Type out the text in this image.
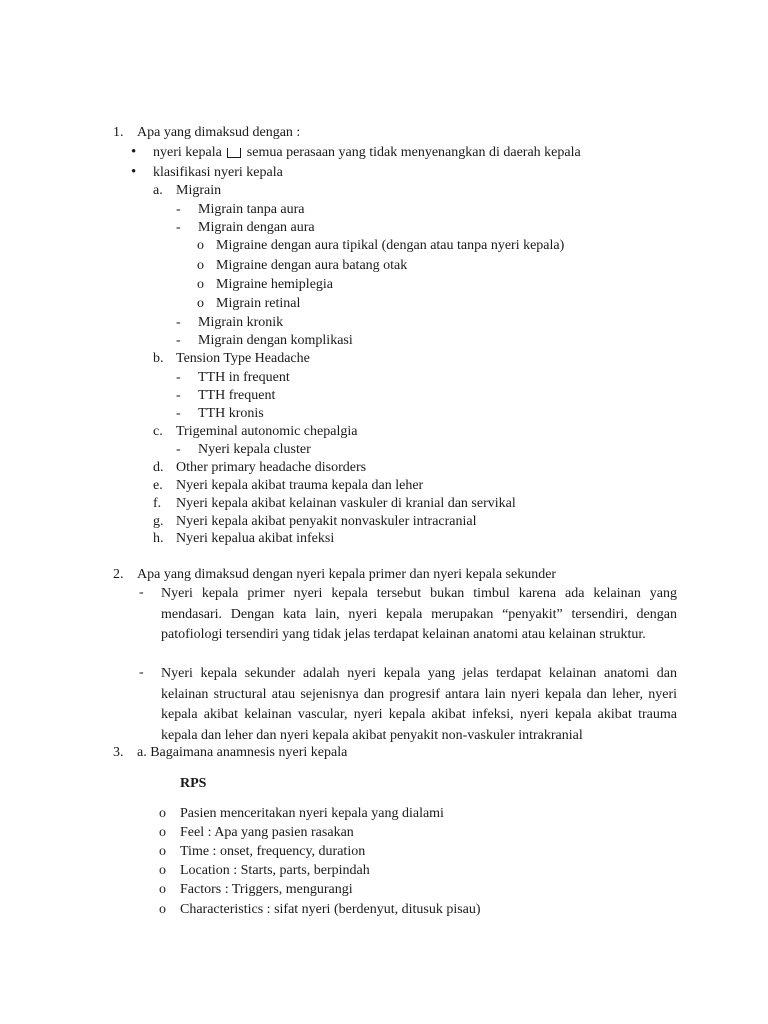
1. Apa yang dimaksud dengan :
• nyeri kepala semua perasaan yang tidak menyenangkan di daerah kepala
• klasifikasi nyeri kepala
a. Migrain
- Migrain tanpa aura
- Migrain dengan aura
o Migraine dengan aura tipikal (dengan atau tanpa nyeri kepala)
o Migraine dengan aura batang otak
o Migraine hemiplegia
o Migrain retinal
- Migrain kronik
- Migrain dengan komplikasi
b. Tension Type Headache
- TTH in frequent
- TTH frequent
- TTH kronis
c. Trigeminal autonomic chepalgia
- Nyeri kepala cluster
d. Other primary headache disorders
e. Nyeri kepala akibat trauma kepala dan leher
f. Nyeri kepala akibat kelainan vaskuler di kranial dan servikal
g. Nyeri kepala akibat penyakit nonvaskuler intracranial
h. Nyeri kepalua akibat infeksi
2. Apa yang dimaksud dengan nyeri kepala primer dan nyeri kepala sekunder
- Nyeri kepala primer nyeri kepala tersebut bukan timbul karena ada kelainan yang mendasari. Dengan kata lain, nyeri kepala merupakan “penyakit” tersendiri, dengan patofiologi tersendiri yang tidak jelas terdapat kelainan anatomi atau kelainan struktur.
- Nyeri kepala sekunder adalah nyeri kepala yang jelas terdapat kelainan anatomi dan kelainan structural atau sejenisnya dan progresif antara lain nyeri kepala dan leher, nyeri kepala akibat kelainan vascular, nyeri kepala akibat infeksi, nyeri kepala akibat trauma kepala dan leher dan nyeri kepala akibat penyakit non-vaskuler intrakranial
3. a. Bagaimana anamnesis nyeri kepala
RPS
o Pasien menceritakan nyeri kepala yang dialami
o Feel : Apa yang pasien rasakan
o Time : onset, frequency, duration
o Location : Starts, parts, berpindah
o Factors : Triggers, mengurangi
o Characteristics : sifat nyeri (berdenyut, ditusuk pisau)
